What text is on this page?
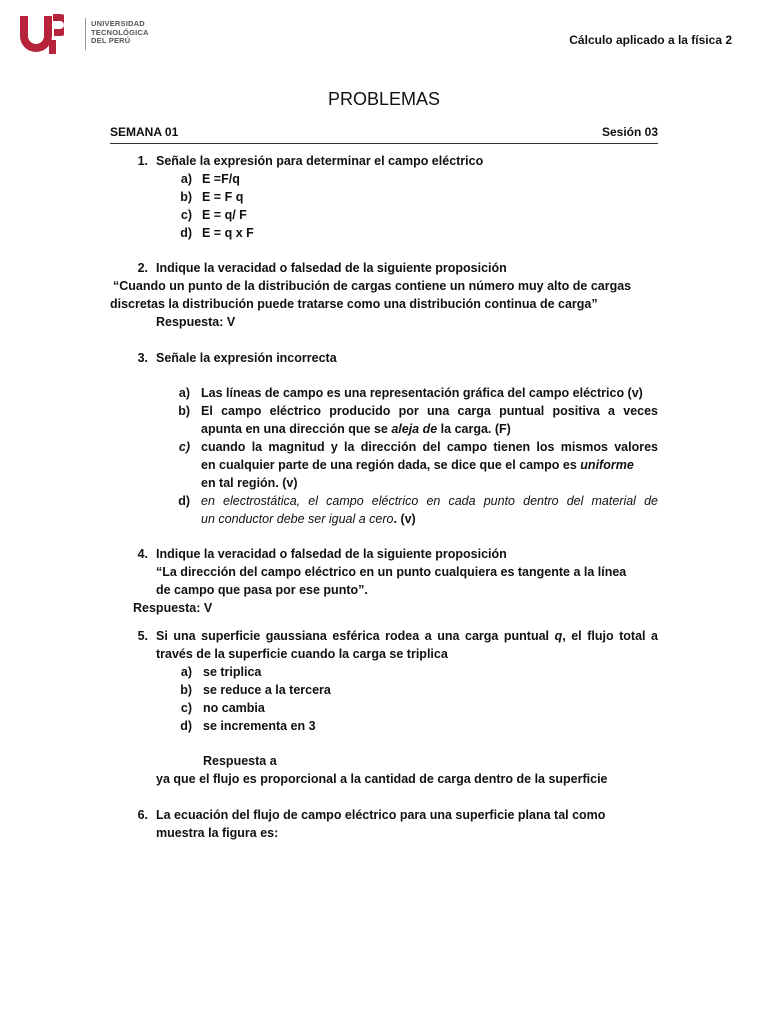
UNIVERSIDAD
TECNOLÓGICA
DEL PERÚ	Cálculo aplicado a la física 2
PROBLEMAS
SEMANA 01	Sesión 03
1. Señale la expresión para determinar el campo eléctrico
a) E =F/q
b) E = F q
c) E = q/ F
d) E = q x F
2. Indique la veracidad o falsedad de la siguiente proposición
“Cuando un punto de la distribución de cargas contiene un número muy alto de cargas
discretas la distribución puede tratarse como una distribución continua de carga”
Respuesta: V
3. Señale la expresión incorrecta
a) Las líneas de campo es una representación gráfica del campo eléctrico (v)
b) El campo eléctrico producido por una carga puntual positiva a veces
apunta en una dirección que se aleja de la carga. (F)
c) cuando la magnitud y la dirección del campo tienen los mismos valores
en cualquier parte de una región dada, se dice que el campo es uniforme
en tal región. (v)
d) en electrostática, el campo eléctrico en cada punto dentro del material de
un conductor debe ser igual a cero. (v)
4. Indique la veracidad o falsedad de la siguiente proposición
“La dirección del campo eléctrico en un punto cualquiera es tangente a la línea
de campo que pasa por ese punto”.
Respuesta: V
5. Si una superficie gaussiana esférica rodea a una carga puntual q, el flujo total a
través de la superficie cuando la carga se triplica
a) se triplica
b) se reduce a la tercera
c) no cambia
d) se incrementa en 3
Respuesta a
ya que el flujo es proporcional a la cantidad de carga dentro de la superficie
6. La ecuación del flujo de campo eléctrico para una superficie plana tal como
muestra la figura es:
